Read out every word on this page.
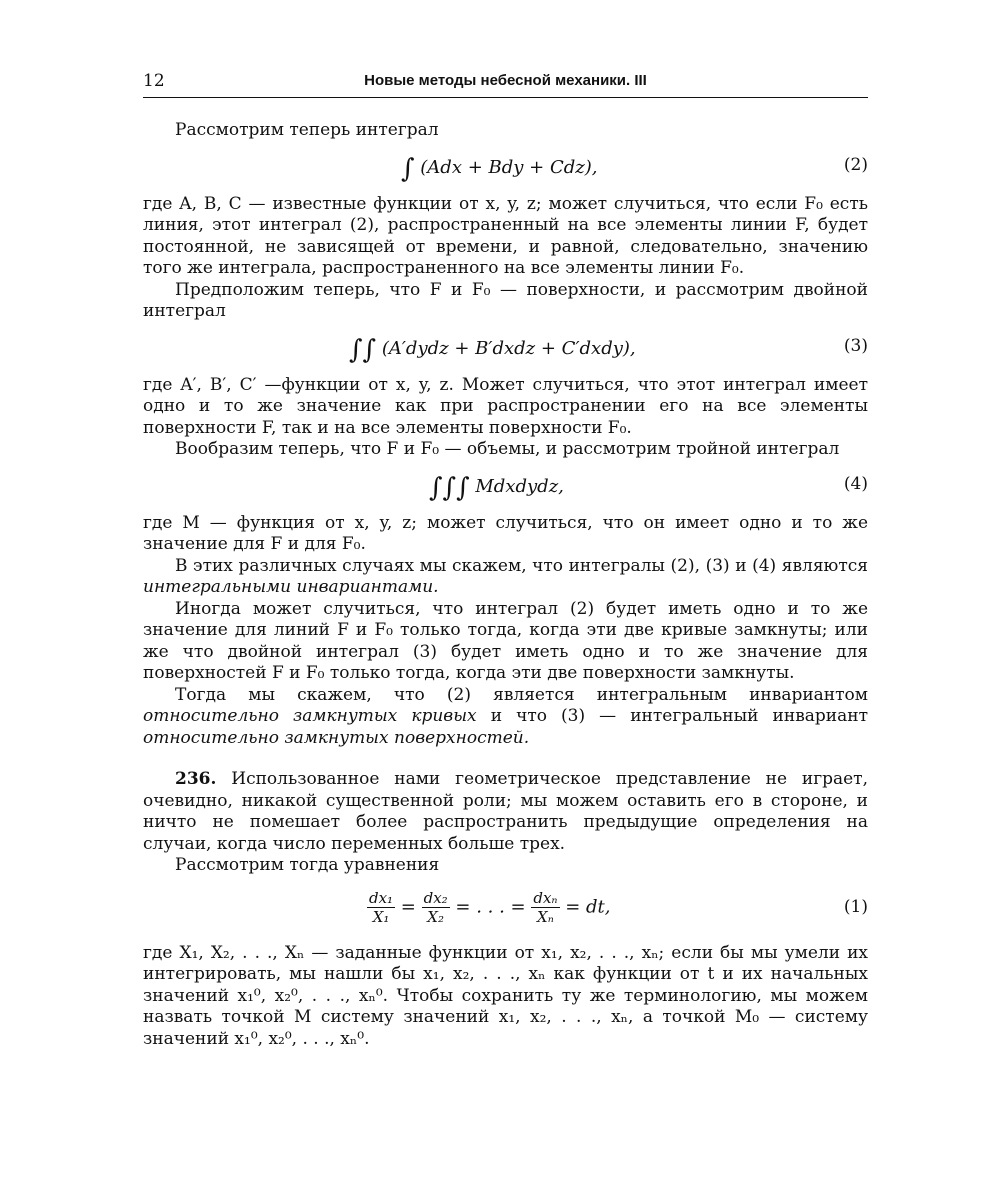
12	Новые методы небесной механики. III

Рассмотрим теперь интеграл

∫ (Adx + Bdy + Cdz),	(2)

где A, B, C — известные функции от x, y, z; может случиться, что если F₀ есть линия, этот интеграл (2), распространенный на все элементы линии F, будет постоянной, не зависящей от времени, и равной, следовательно, значению того же интеграла, распространенного на все элементы линии F₀.

Предположим теперь, что F и F₀ — поверхности, и рассмотрим двойной интеграл

∫∫ (A′dydz + B′dxdz + C′dxdy),	(3)

где A′, B′, C′ —функции от x, y, z. Может случиться, что этот интеграл имеет одно и то же значение как при распространении его на все элементы поверхности F, так и на все элементы поверхности F₀.

Вообразим теперь, что F и F₀ — объемы, и рассмотрим тройной интеграл

∫∫∫ Mdxdydz,	(4)

где M — функция от x, y, z; может случиться, что он имеет одно и то же значение для F и для F₀.

В этих различных случаях мы скажем, что интегралы (2), (3) и (4) являются интегральными инвариантами.

Иногда может случиться, что интеграл (2) будет иметь одно и то же значение для линий F и F₀ только тогда, когда эти две кривые замкнуты; или же что двойной интеграл (3) будет иметь одно и то же значение для поверхностей F и F₀ только тогда, когда эти две поверхности замкнуты.

Тогда мы скажем, что (2) является интегральным инвариантом относительно замкнутых кривых и что (3) — интегральный инвариант относительно замкнутых поверхностей.

236. Использованное нами геометрическое представление не играет, очевидно, никакой существенной роли; мы можем оставить его в стороне, и ничто не помешает более распространить предыдущие определения на случаи, когда число переменных больше трех.

Рассмотрим тогда уравнения

$\frac{\text{dx₁}}{\text{X₁}} = \frac{\text{dx₂}}{\text{X₂}}$ = . . . = $\frac{\text{dxₙ}}{\text{Xₙ}}$ = dt,	(1)

где X₁, X₂, . . ., Xₙ — заданные функции от x₁, x₂, . . ., xₙ; если бы мы умели их интегрировать, мы нашли бы x₁, x₂, . . ., xₙ как функции от t и их начальных значений x₁⁰, x₂⁰, . . ., xₙ⁰. Чтобы сохранить ту же терминологию, мы можем назвать точкой M систему значений x₁, x₂, . . ., xₙ, а точкой M₀ — систему значений x₁⁰, x₂⁰, . . ., xₙ⁰.
